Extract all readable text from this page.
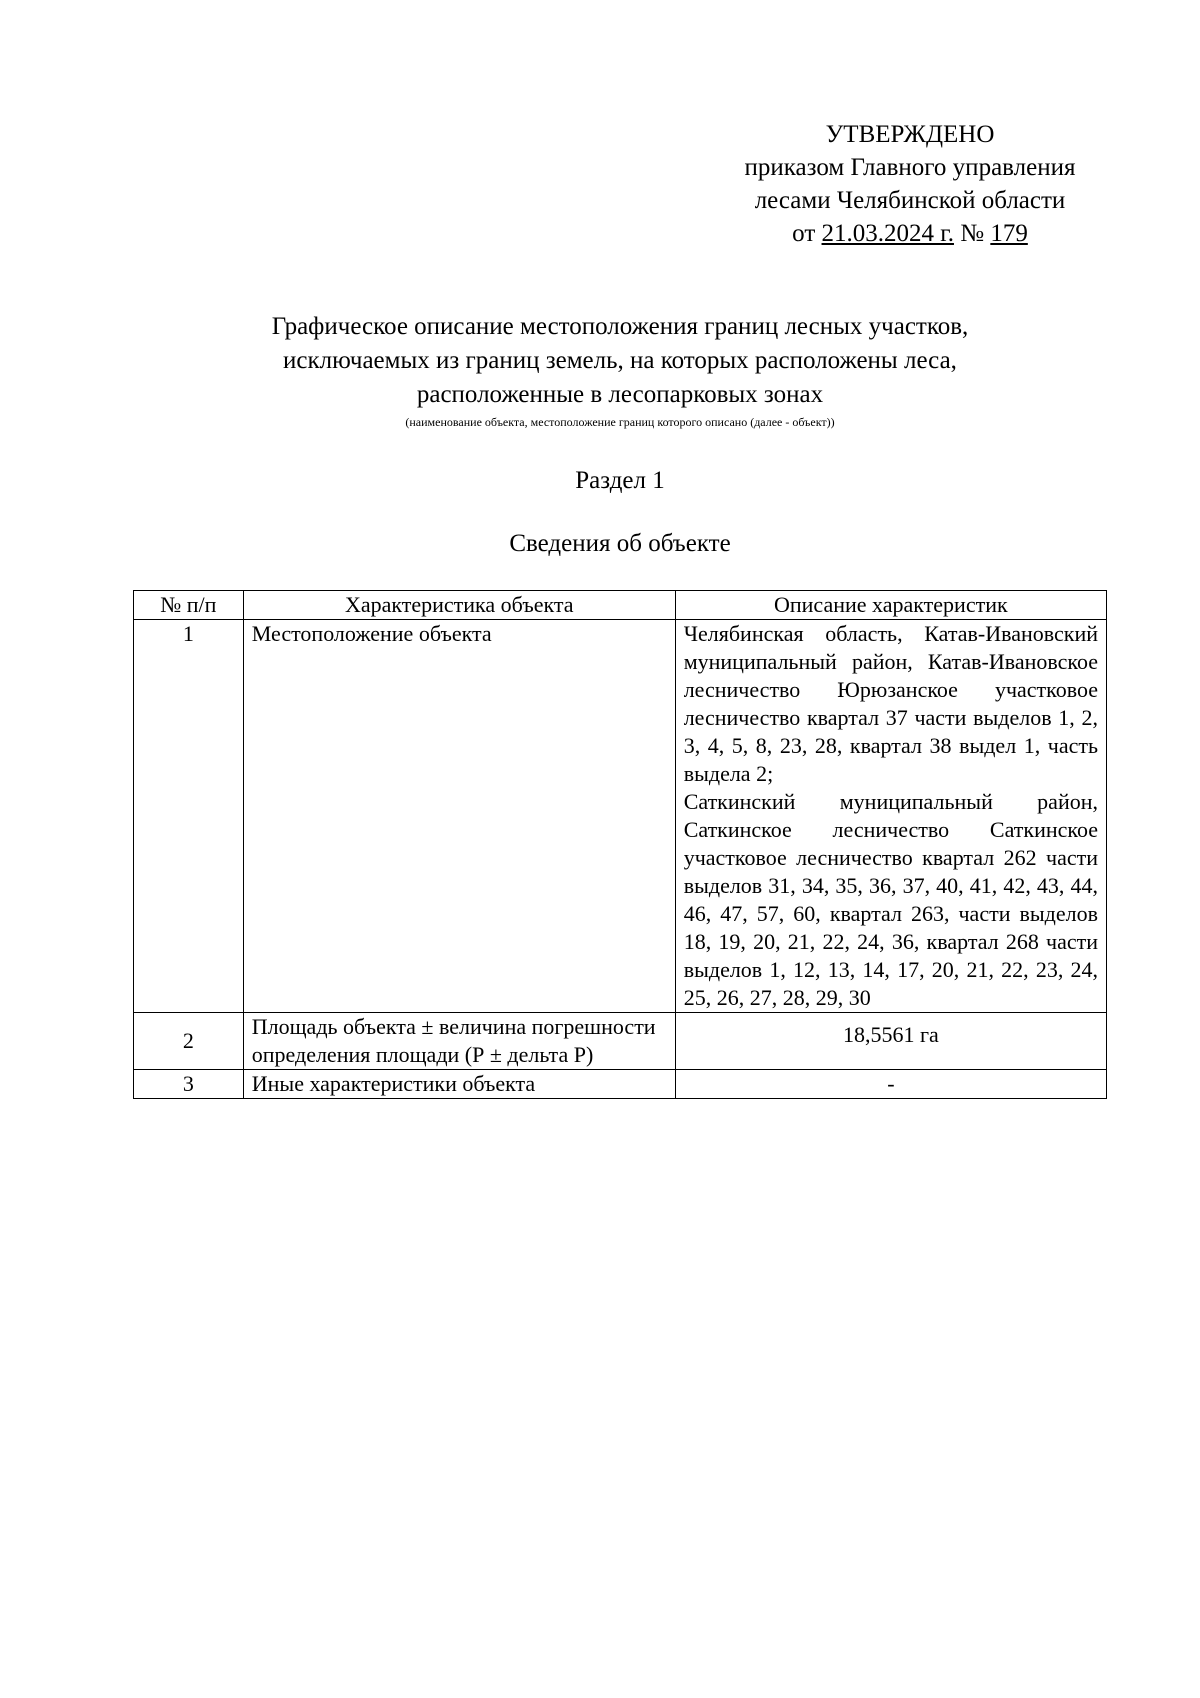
УТВЕРЖДЕНО
приказом Главного управления
лесами Челябинской области
от 21.03.2024 г. № 179
Графическое описание местоположения границ лесных участков,
исключаемых из границ земель, на которых расположены леса,
расположенные в лесопарковых зонах
(наименование объекта, местоположение границ которого описано (далее - объект))
Раздел 1
Сведения об объекте
№ п/п	Характеристика объекта	Описание характеристик
1	Местоположение объекта	Челябинская область, Катав-Ивановский муниципальный район, Катав-Ивановское лесничество Юрюзанское участковое лесничество квартал 37 части выделов 1, 2, 3, 4, 5, 8, 23, 28, квартал 38 выдел 1, часть выдела 2;
Саткинский муниципальный район, Саткинское лесничество Саткинское участковое лесничество квартал 262 части выделов 31, 34, 35, 36, 37, 40, 41, 42, 43, 44, 46, 47, 57, 60, квартал 263, части выделов 18, 19, 20, 21, 22, 24, 36, квартал 268 части выделов 1, 12, 13, 14, 17, 20, 21, 22, 23, 24, 25, 26, 27, 28, 29, 30

2	Площадь объекта ± величина погрешности определения площади (Р ± дельта Р)	18,5561 га
3	Иные характеристики объекта	-
